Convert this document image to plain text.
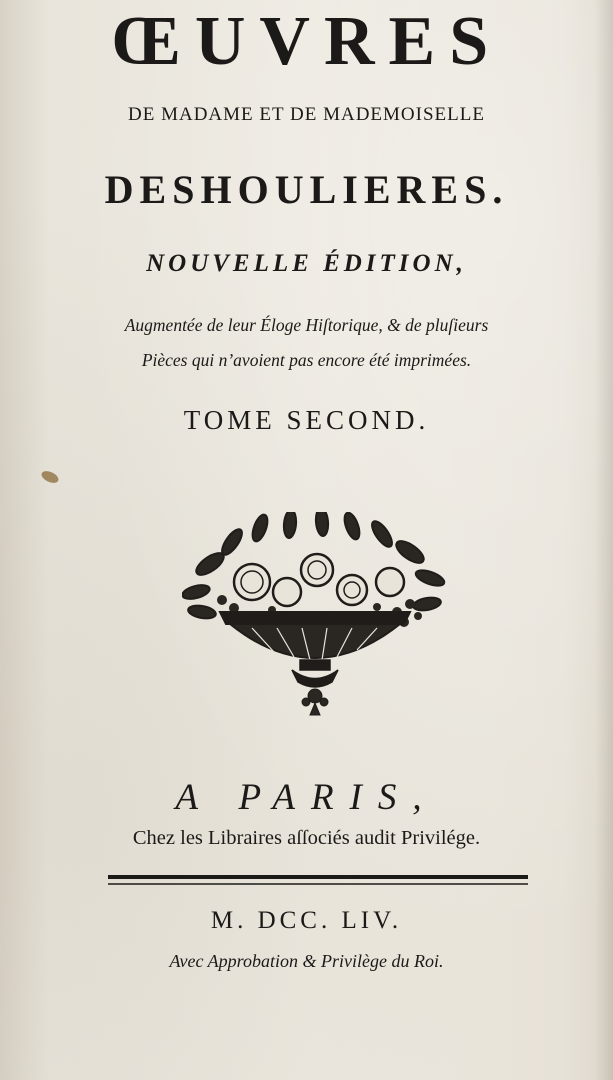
ŒUVRES
DE MADAME ET DE MADEMOISELLE
DESHOULIERES.
NOUVELLE ÉDITION,
Augmentée de leur Éloge Hiſtorique, & de pluſieurs
Pièces qui n’avoient pas encore été imprimées.
TOME SECOND.
A PARIS,
Chez les Libraires aſſociés audit Privilége.
M. DCC. LIV.
Avec Approbation & Privilège du Roi.
